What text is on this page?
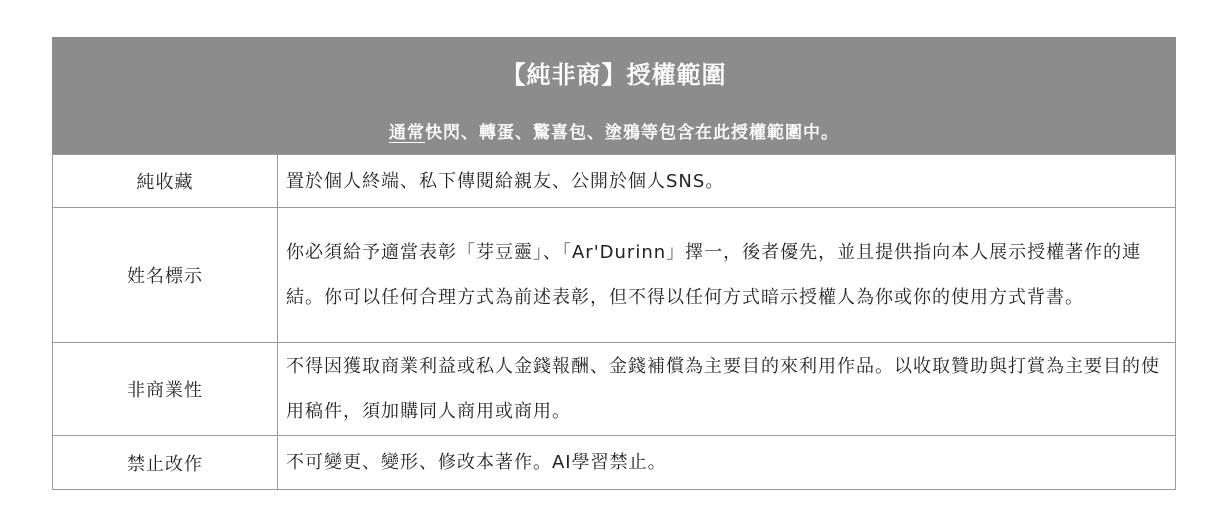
【純非商】授權範圍
通常快閃、轉蛋、驚喜包、塗鴉等包含在此授權範圍中。
純收藏	置於個人終端、私下傳閱給親友、公開於個人SNS。
姓名標示	你必須給予適當表彰「芽豆靈」、「Ar'Durinn」擇一，後者優先，並且提供指向本人展示授權著作的連結。你可以任何合理方式為前述表彰，但不得以任何方式暗示授權人為你或你的使用方式背書。
非商業性	不得因獲取商業利益或私人金錢報酬、金錢補償為主要目的來利用作品。以收取贊助與打賞為主要目的使用稿件，須加購同人商用或商用。
禁止改作	不可變更、變形、修改本著作。AI學習禁止。
